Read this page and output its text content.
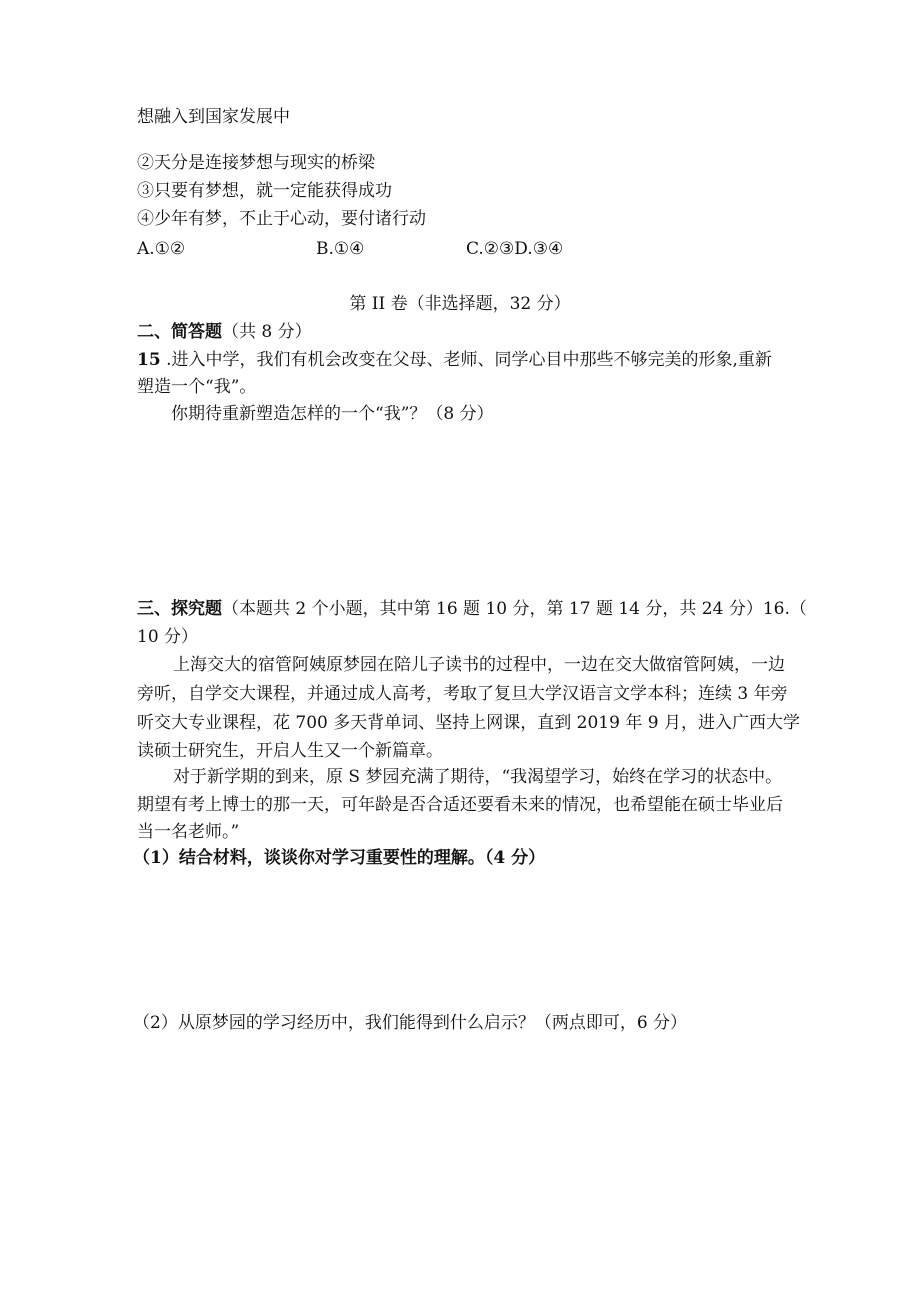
想融入到国家发展中
②天分是连接梦想与现实的桥梁
③只要有梦想，就一定能获得成功
④少年有梦，不止于心动，要付诸行动
A.①②	B.①④	C.②③D.③④
第 II 卷（非选择题，32 分）
二、简答题（共 8 分）
15 .进入中学，我们有机会改变在父母、老师、同学心目中那些不够完美的形象,重新
塑造一个“我”。
你期待重新塑造怎样的一个“我”？（8 分）
三、探究题（本题共 2 个小题，其中第 16 题 10 分，第 17 题 14 分，共 24 分）16.（
10 分）
上海交大的宿管阿姨原梦园在陪儿子读书的过程中，一边在交大做宿管阿姨，一边
旁听，自学交大课程，并通过成人高考，考取了复旦大学汉语言文学本科；连续 3 年旁
听交大专业课程，花 700 多天背单词、坚持上网课，直到 2019 年 9 月，进入广西大学
读硕士研究生，开启人生又一个新篇章。
对于新学期的到来，原 S 梦园充满了期待，“我渴望学习，始终在学习的状态中。
期望有考上博士的那一天，可年龄是否合适还要看未来的情况，也希望能在硕士毕业后
当一名老师。”
（1）结合材料，谈谈你对学习重要性的理解。（4 分）
（2）从原梦园的学习经历中，我们能得到什么启示？（两点即可，6 分）
